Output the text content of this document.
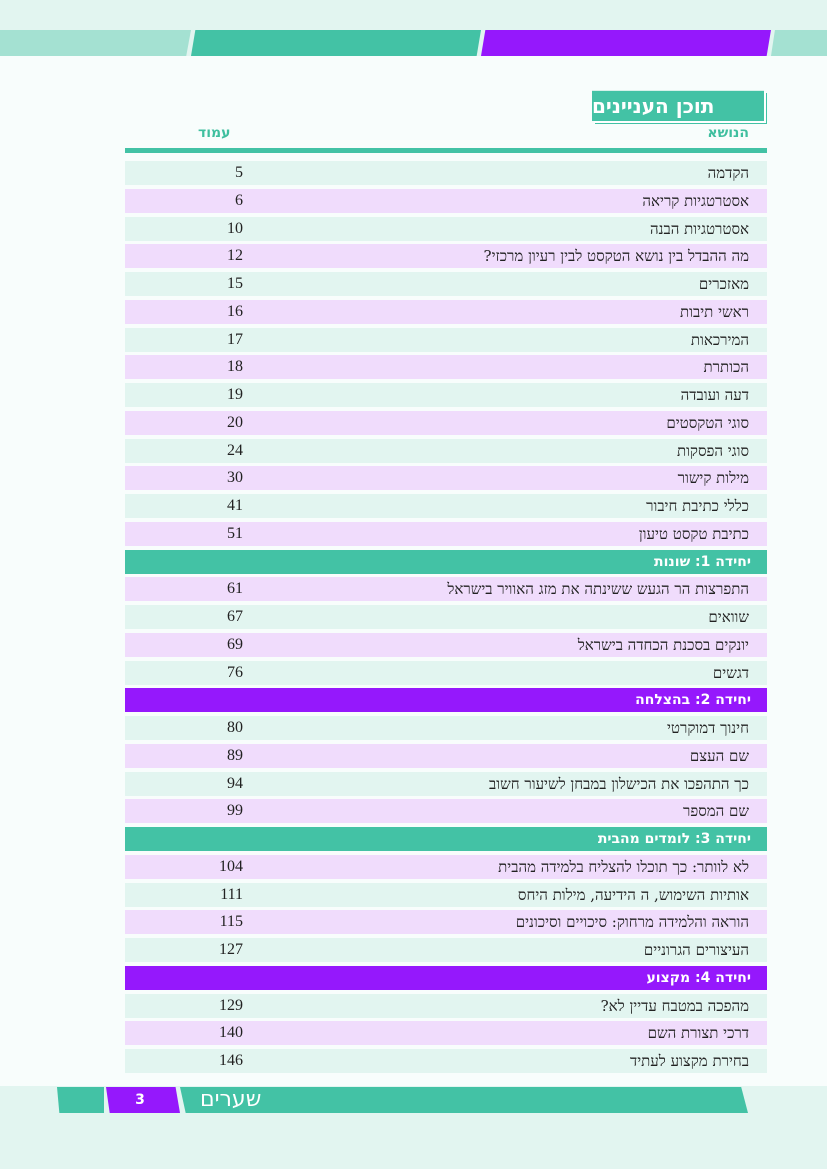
תוכן העניינים
הנושא
עמוד
הקדמה
5
אסטרטגיות קריאה
6
אסטרטגיות הבנה
10
מה ההבדל בין נושא הטקסט לבין רעיון מרכזי?
12
מאזכרים
15
ראשי תיבות
16
המירכאות
17
הכותרת
18
דעה ועובדה
19
סוגי הטקסטים
20
סוגי הפסקות
24
מילות קישור
30
כללי כתיבת חיבור
41
כתיבת טקסט טיעון
51
יחידה 1: שונות
התפרצות הר הגעש ששינתה את מזג האוויר בישראל
61
שוואים
67
יונקים בסכנת הכחדה בישראל
69
דגשים
76
יחידה 2: בהצלחה
חינוך דמוקרטי
80
שם העצם
89
כך התהפכו את הכישלון במבחן לשיעור חשוב
94
שם המספר
99
יחידה 3: לומדים מהבית
לא לוותר: כך תוכלו להצליח בלמידה מהבית
104
אותיות השימוש, ה הידיעה, מילות היחס
111
הוראה והלמידה מרחוק: סיכויים וסיכונים
115
העיצורים הגרוניים
127
יחידה 4: מקצוע
מהפכה במטבח עדיין לא?
129
דרכי תצורת השם
140
בחירת מקצוע לעתיד
146
3	שערים
